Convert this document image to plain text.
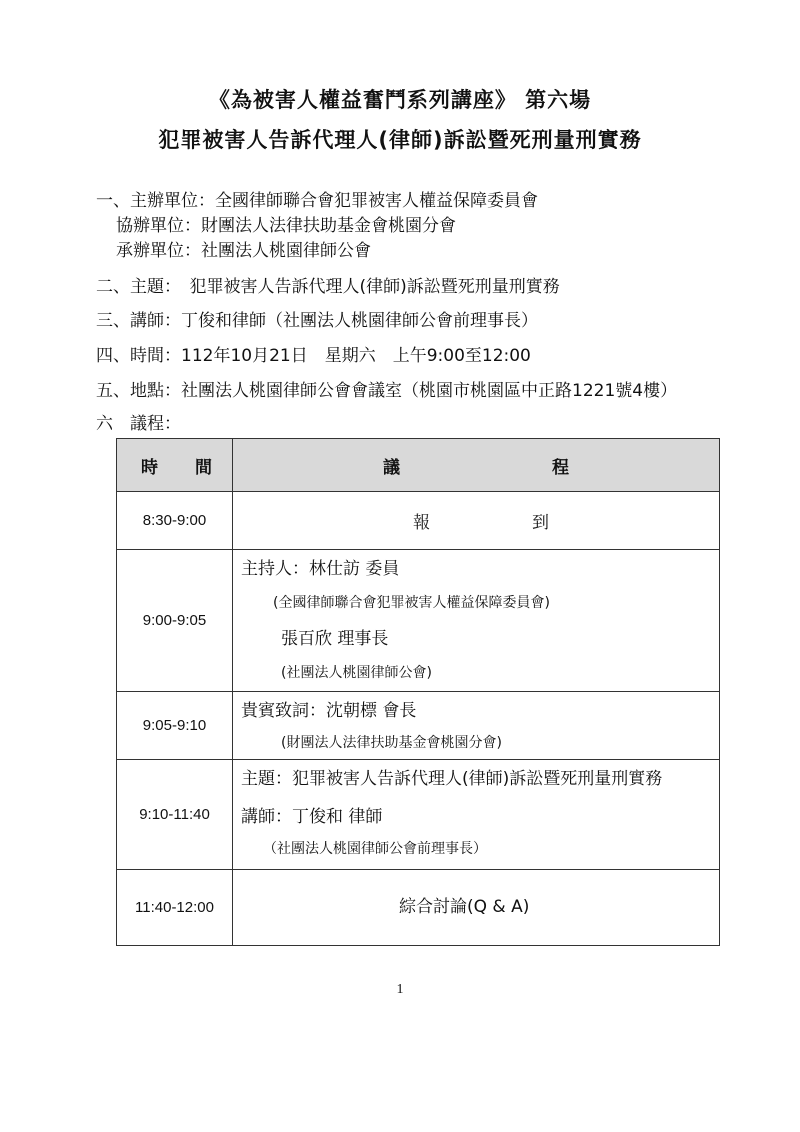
《為被害人權益奮鬥系列講座》 第六場
犯罪被害人告訴代理人(律師)訴訟暨死刑量刑實務
一、主辦單位：全國律師聯合會犯罪被害人權益保障委員會
協辦單位：財團法人法律扶助基金會桃園分會
承辦單位：社團法人桃園律師公會
二、主題：　犯罪被害人告訴代理人(律師)訴訟暨死刑量刑實務
三、講師：丁俊和律師（社團法人桃園律師公會前理事長）
四、時間：112年10月21日　星期六　上午9:00至12:00
五、地點：社團法人桃園律師公會會議室（桃園市桃園區中正路1221號4樓）
六　議程：
時 間	議 程

8:30-9:00	報 到

9:00-9:05	主持人：林仕訪 委員
(全國律師聯合會犯罪被害人權益保障委員會)
張百欣 理事長
(社團法人桃園律師公會)

9:05-9:10	貴賓致詞：沈朝標 會長
(財團法人法律扶助基金會桃園分會)

9:10-11:40	主題：犯罪被害人告訴代理人(律師)訴訟暨死刑量刑實務
講師：丁俊和 律師
（社團法人桃園律師公會前理事長）

11:40-12:00	綜合討論(Q & A)
1
